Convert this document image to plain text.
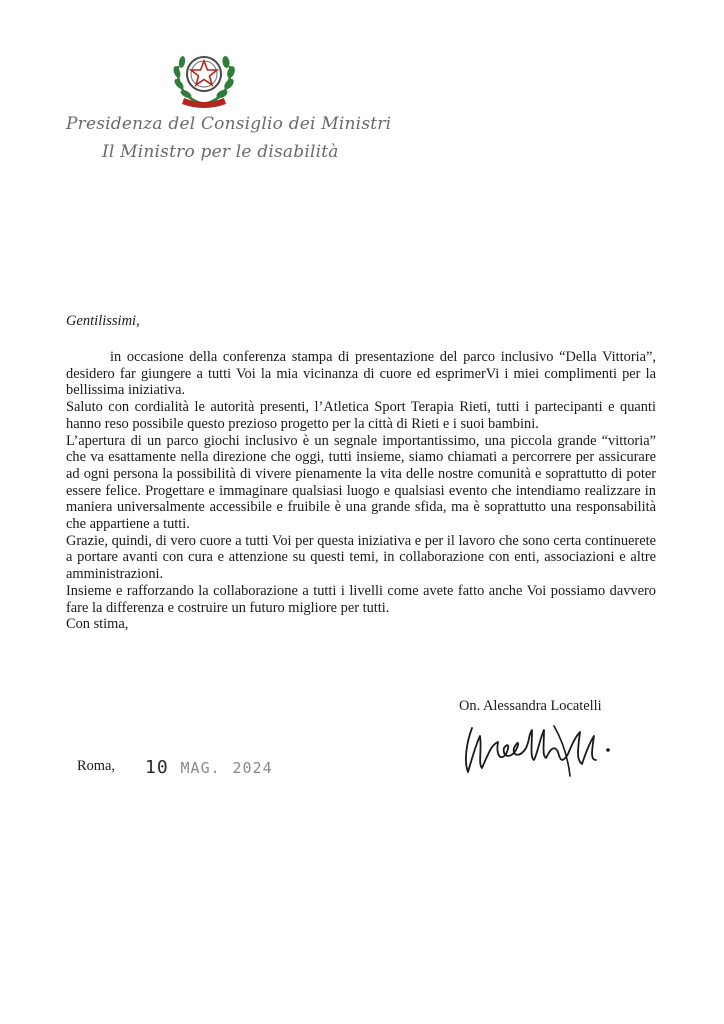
Presidenza del Consiglio dei Ministri
Il Ministro per le disabilità
Gentilissimi,

in occasione della conferenza stampa di presentazione del parco inclusivo “Della Vittoria”, desidero far giungere a tutti Voi la mia vicinanza di cuore ed esprimerVi i miei complimenti per la bellissima iniziativa.

Saluto con cordialità le autorità presenti, l’Atletica Sport Terapia Rieti, tutti i partecipanti e quanti hanno reso possibile questo prezioso progetto per la città di Rieti e i suoi bambini.

L’apertura di un parco giochi inclusivo è un segnale importantissimo, una piccola grande “vittoria” che va esattamente nella direzione che oggi, tutti insieme, siamo chiamati a percorrere per assicurare ad ogni persona la possibilità di vivere pienamente la vita delle nostre comunità e soprattutto di poter essere felice. Progettare e immaginare qualsiasi luogo e qualsiasi evento che intendiamo realizzare in maniera universalmente accessibile e fruibile è una grande sfida, ma è soprattutto una responsabilità che appartiene a tutti.

Grazie, quindi, di vero cuore a tutti Voi per questa iniziativa e per il lavoro che sono certa continuerete a portare avanti con cura e attenzione su questi temi, in collaborazione con enti, associazioni e altre amministrazioni.

Insieme e rafforzando la collaborazione a tutti i livelli come avete fatto anche Voi possiamo davvero fare la differenza e costruire un futuro migliore per tutti.

Con stima,

On. Alessandra Locatelli
Roma, 10 MAG. 2024
